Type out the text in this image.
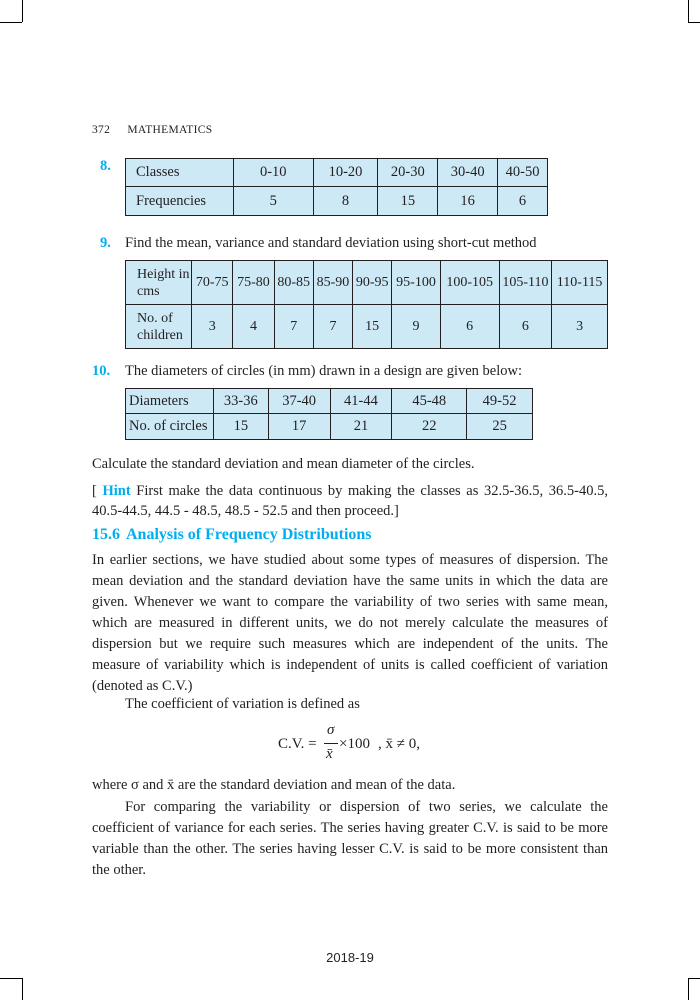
372 MATHEMATICS
8. Classes	0-10	10-20	20-30	30-40	40-50
Frequencies	5	8	15	16	6
9. Find the mean, variance and standard deviation using short-cut method
Height in cms	70-75	75-80	80-85	85-90	90-95	95-100	100-105	105-110	110-115
No. of children	3	4	7	7	15	9	6	6	3
10. The diameters of circles (in mm) drawn in a design are given below:
Diameters	33-36	37-40	41-44	45-48	49-52
No. of circles	15	17	21	22	25
Calculate the standard deviation and mean diameter of the circles.
[ Hint First make the data continuous by making the classes as 32.5-36.5, 36.5-40.5, 40.5-44.5, 44.5 - 48.5, 48.5 - 52.5 and then proceed.]
15.6 Analysis of Frequency Distributions
In earlier sections, we have studied about some types of measures of dispersion. The mean deviation and the standard deviation have the same units in which the data are given. Whenever we want to compare the variability of two series with same mean, which are measured in different units, we do not merely calculate the measures of dispersion but we require such measures which are independent of the units. The measure of variability which is independent of units is called coefficient of variation (denoted as C.V.)
The coefficient of variation is defined as
C.V. =
σ
x̄
×100 , x̄ ≠ 0,
where σ and x̄ are the standard deviation and mean of the data.
For comparing the variability or dispersion of two series, we calculate the coefficient of variance for each series. The series having greater C.V. is said to be more variable than the other. The series having lesser C.V. is said to be more consistent than the other.
2018-19
